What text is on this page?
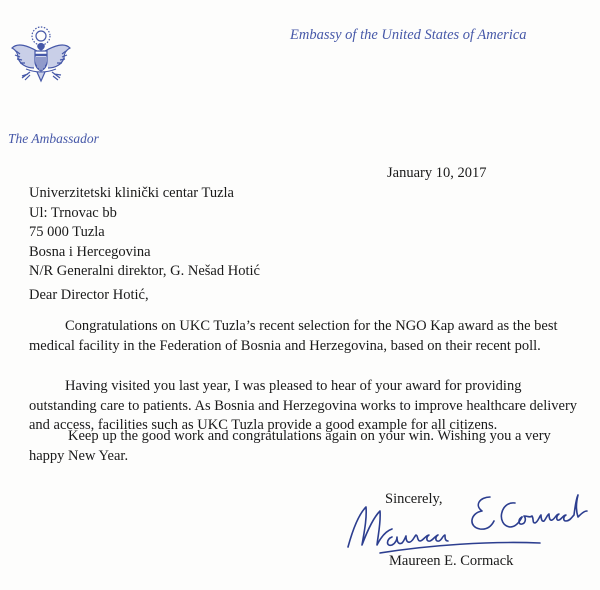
Embassy of the United States of America
The Ambassador
January 10, 2017
Univerzitetski klinički centar Tuzla
Ul: Trnovac bb
75 000 Tuzla
Bosna i Hercegovina
N/R Generalni direktor, G. Nešad Hotić
Dear Director Hotić,
Congratulations on UKC Tuzla’s recent selection for the NGO Kap award as the best
medical facility in the Federation of Bosnia and Herzegovina, based on their recent poll.
Having visited you last year, I was pleased to hear of your award for providing
outstanding care to patients. As Bosnia and Herzegovina works to improve healthcare delivery
and access, facilities such as UKC Tuzla provide a good example for all citizens.
Keep up the good work and congratulations again on your win. Wishing you a very
happy New Year.
Sincerely,
Maureen E. Cormack
